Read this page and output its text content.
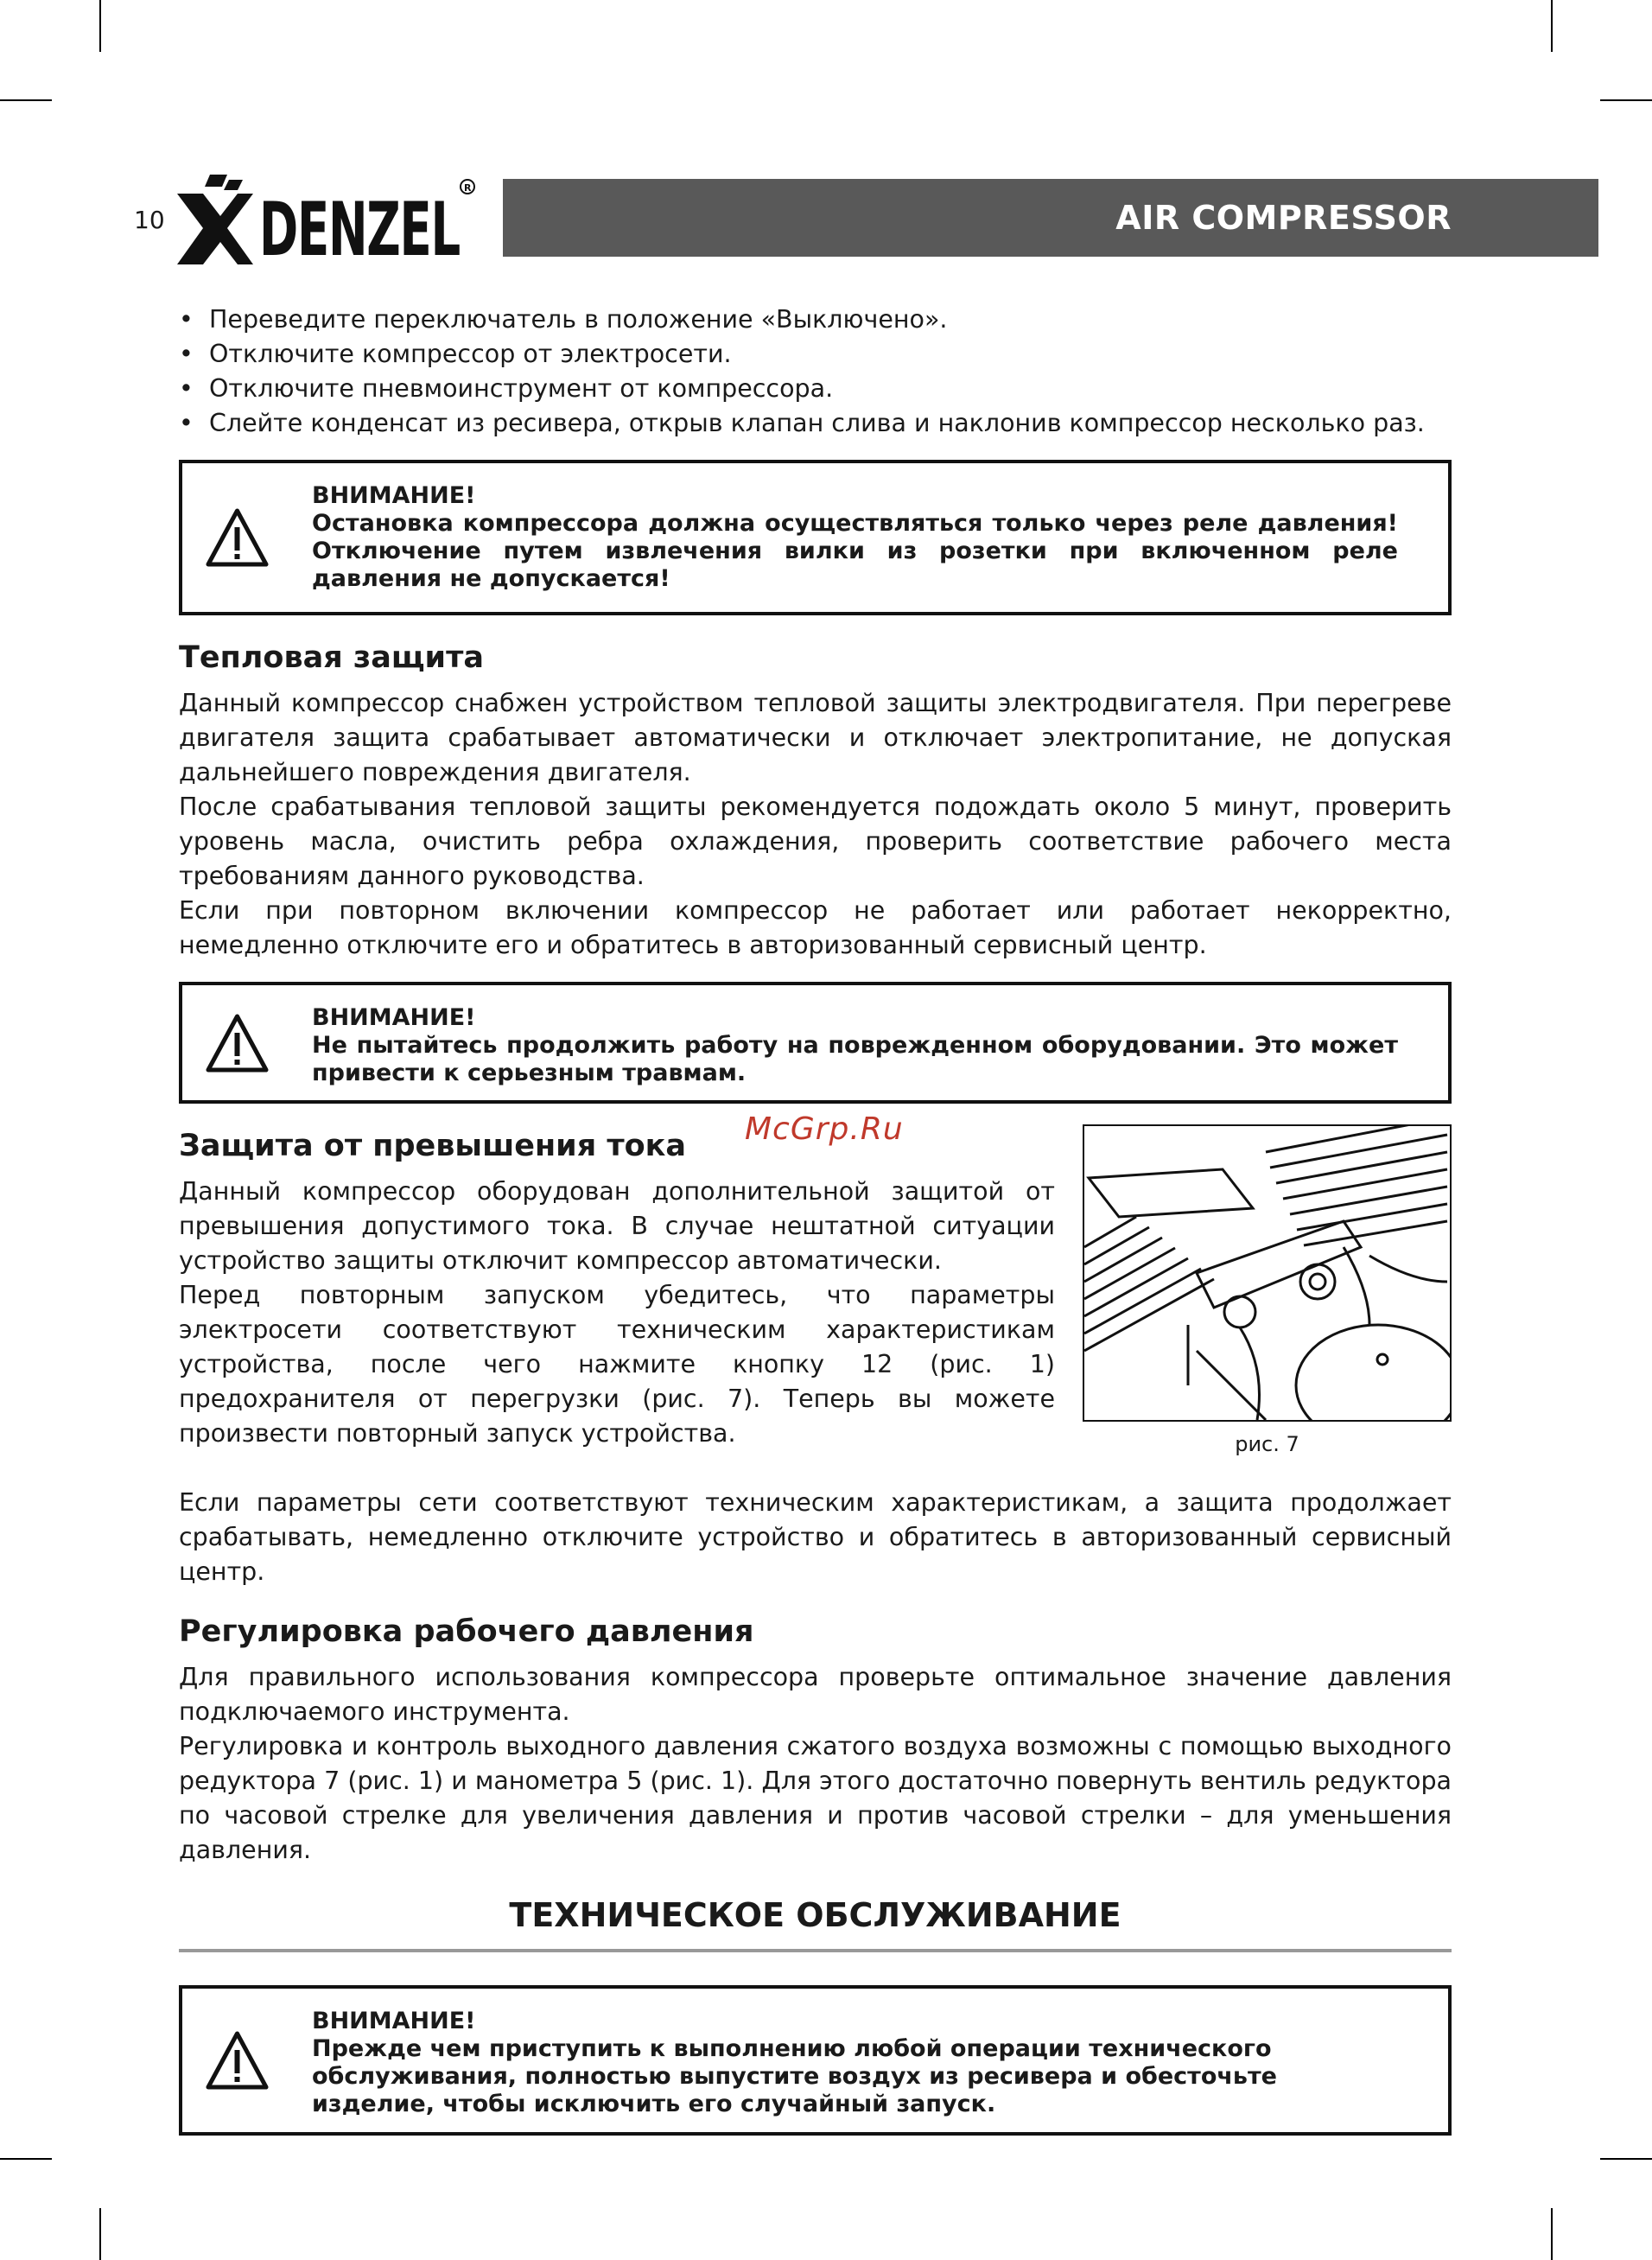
10 DENZEL R
AIR COMPRESSOR
McGrp.Ru
• Переведите переключатель в положение «Выключено».
• Отключите компрессор от электросети.
• Отключите пневмоинструмент от компрессора.
• Слейте конденсат из ресивера, открыв клапан слива и наклонив компрессор несколько раз.

ВНИМАНИЕ!

Остановка компрессора должна осуществляться только через реле давления! Отключение путем извлечения вилки из розетки при включенном реле давления не допускается!

Тепловая защита

Данный компрессор снабжен устройством тепловой защиты электродвигателя. При перегреве двигателя защита срабатывает автоматически и отключает электропитание, не допуская дальнейшего повреждения двигателя.

После срабатывания тепловой защиты рекомендуется подождать около 5 минут, проверить уровень масла, очистить ребра охлаждения, проверить соответствие рабочего места требованиям данного руководства.

Если при повторном включении компрессор не работает или работает некорректно, немедленно отключите его и обратитесь в авторизованный сервисный центр.

ВНИМАНИЕ!

Не пытайтесь продолжить работу на поврежденном оборудовании. Это может привести к серьезным травмам.

рис. 7
Защита от превышения тока

Данный компрессор оборудован дополнительной защитой от превышения допустимого тока. В случае нештатной ситуации устройство защиты отключит компрессор автоматически.

Перед повторным запуском убедитесь, что параметры электросети соответствуют техническим характеристикам устройства, после чего нажмите кнопку 12 (рис. 1) предохранителя от перегрузки (рис. 7). Теперь вы можете произвести повторный запуск устройства.

Если параметры сети соответствуют техническим характеристикам, а защита продолжает срабатывать, немедленно отключите устройство и обратитесь в авторизованный сервисный центр.

Регулировка рабочего давления

Для правильного использования компрессора проверьте оптимальное значение давления подключаемого инструмента.

Регулировка и контроль выходного давления сжатого воздуха возможны с помощью выходного редуктора 7 (рис. 1) и манометра 5 (рис. 1). Для этого достаточно повернуть вентиль редуктора по часовой стрелке для увеличения давления и против часовой стрелки – для уменьшения давления.

ТЕХНИЧЕСКОЕ ОБСЛУЖИВАНИЕ

ВНИМАНИЕ!

Прежде чем приступить к выполнению любой операции технического обслуживания, полностью выпустите воздух из ресивера и обесточьте изделие, чтобы исключить его случайный запуск.
